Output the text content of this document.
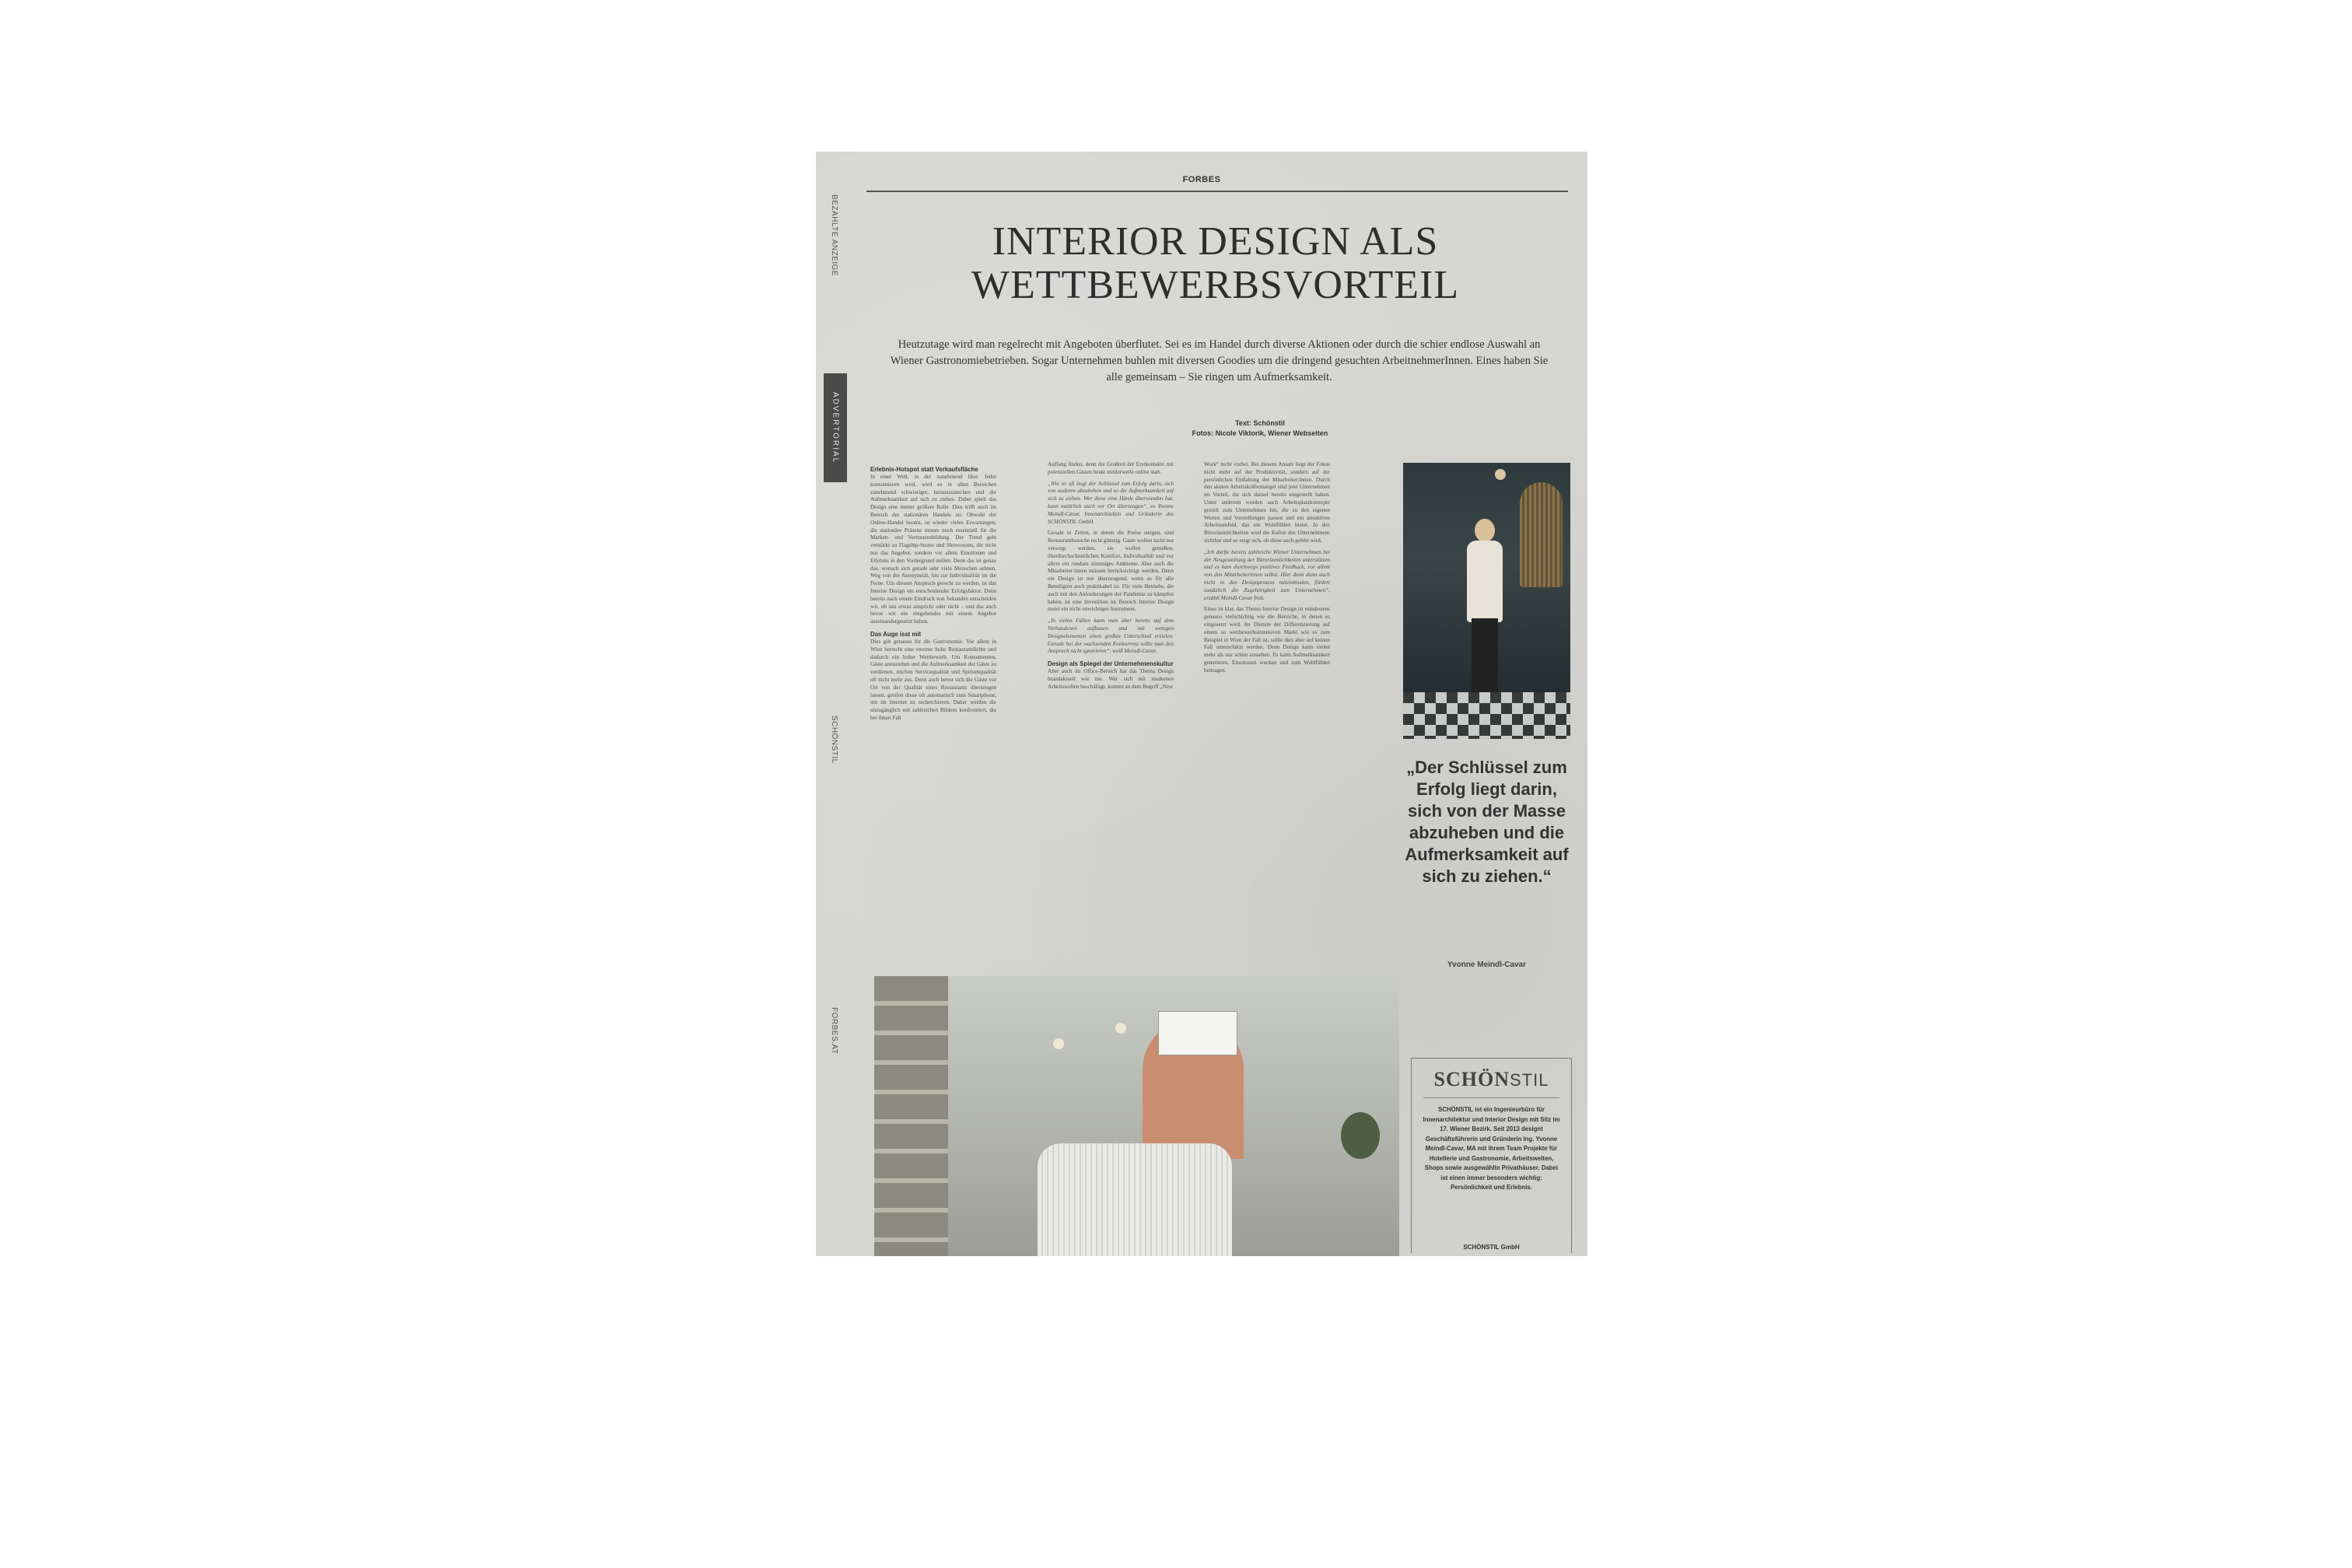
FORBES
BEZAHLTE ANZEIGE
ADVERTORIAL
SCHÖNSTIL
FORBES.AT
INTERIOR DESIGN ALS WETTBEWERBSVORTEIL

Heutzutage wird man regelrecht mit Angeboten überflutet. Sei es im Handel durch diverse Aktionen oder durch die schier endlose Auswahl an Wiener Gastronomiebetrieben. Sogar Unternehmen buhlen mit diversen Goodies um die dringend gesuchten ArbeitnehmerInnen. Eines haben Sie alle gemeinsam – Sie ringen um Aufmerksamkeit.

Text: Schönstil
Fotos: Nicole Viktorik, Wiener Webseiten
Erlebnis-Hotspot statt Verkaufsfläche

In einer Welt, in der zunehmend Hier. Jeder konsumieren wird, wird es in allen Bereichen zunehmend schwieriger, herauszustechen und die Aufmerksamkeit auf sich zu ziehen. Dabei spielt das Design eine immer größere Rolle. Dies trifft auch im Bereich der stationären Handels zu: Obwohl der Online-Handel boomt, ist wieder vieles Erwartungen, die stationäre Präsenz immer noch essenziell für die Marken- und Vertrauensbildung. Der Trend geht verstärkt zu Flagship-Stores und Showrooms, die nicht nur das Angebot, sondern vor allem Emotionen und Erlebnis in den Vordergrund stellen. Denn das ist genau das, wonach sich gerade sehr viele Menschen sehnen. Weg von der Anonymität, hin zur Individualität im die Ferne. Um diesem Anspruch gerecht zu werden, ist das Interior Design ein entscheidender Erfolgsfaktor. Denn bereits nach einem Eindruck von Sekunden entscheiden wir, ob uns etwas anspricht oder nicht – und das auch bevor wir ein eingehendes mit einem Angebot auseinandergesetzt haben.

Das Auge isst mit

Dies gilt genauso für die Gastronomie. Vor allem in Wien herrscht eine enorme hohe Restaurantdichte und dadurch ein hoher Wettbewerb. Um Konsumenten, Gäste anzuziehen und die Aufmerksamkeit der Gäste zu verdienen, reichen Servicequalität und Speisenqualität oft nicht mehr aus. Denn auch bevor sich die Gäste vor Ort von der Qualität eines Restaurants überzeugen lassen, greifen diese oft automatisch zum Smartphone, um im Internet zu recherchieren. Daher werden die unzugänglich mit zahlreichen Bildern konfrontiert, die bei ihnen Fall

Auffang finden, denn die Großteil der Erstkontakte mit potenziellen Gästen heute mittlerweile online statt.

„Wie so oft liegt der Schlüssel zum Erfolg darin, sich von anderen abzuheben und so die Aufmerksamkeit auf sich zu ziehen. Wer diese eine Hürde überwunden hat, kann natürlich auch vor Ort überzeugen“, so Yvonne Meindl-Cavar, Innenarchitektin und Gründerin des SCHÖNSTIL GmbH.

Gerade in Zeiten, in denen die Preise steigen, sind Restaurantbesuche nicht günstig. Gäste wollen nicht nur versorgt werden, sie wollen genießen, überdurchschnittlichen Komfort, Individualität und vor allem ein rundum stimmiges Ambiente. Aber auch die Mitarbeiter:innen müssen berücksichtigt werden. Denn ein Design ist nur überzeugend, wenn es für alle Beteiligten auch praktikabel ist. Für viele Betriebe, die auch mit den Anforderungen der Pandemie zu kämpfen haben, ist eine Investition im Bereich Interior Design meist ein nicht unwichtiges Instrument.

„In vielen Fällen kann man aber bereits auf dem Vorhandenen aufbauen und mit wenigen Designelementen einen großen Unterschied erzielen. Gerade bei der wachsenden Konkurrenz sollte man den Anspruch nicht ignorieren“, weiß Meindl-Cavar.

Design als Spiegel der Unternehmenskultur

Aber auch im Office-Bereich hat das Thema Design brandaktuell wie nie. Wer sich mit modernen Arbeitswelten beschäftigt, kommt an dem Begriff „New

Work“ nicht vorbei. Bei diesem Ansatz liegt der Fokus nicht mehr auf der Produktivität, sondern auf der persönlichen Entfaltung der Mitarbeiter:innen. Durch den akuten Arbeitskräftemangel sind jene Unternehmen im Vorteil, die sich darauf bereits eingestellt haben. Unter anderem wurden auch Arbeitsplatzkonzepte gezielt zum Unternehmen hin, die zu den eigenen Werten und Vorstellungen passen und ein attraktives Arbeitsumfeld, das ein Wohlfühlen bietet. In den Büroräumlichkeiten wird die Kultur des Unternehmens sichtbar und so zeigt sich, ob diese auch gelebt wird.

„Ich durfte bereits zahlreiche Wiener Unternehmen bei der Neugestaltung der Büroräumlichkeiten unterstützen und es kam durchwegs positives Feedback, vor allem von den Mitarbeiterinnen selbst. Hier denn dann auch nicht in den Designprozess miteinbinden, fördert zusätzlich die Zugehörigkeit zum Unternehmen“, erzählt Meindl-Cavar froh.

Eines ist klar, das Thema Interior Design ist mindestens genauso vielschichtig wie die Bereiche, in denen es eingesetzt wird. Im Dienste der Differenzierung auf einem so wettbewerbsintensiven Markt wie es zum Beispiel in Wien der Fall ist, sollte dies aber auf keinen Fall unterschätzt werden. Denn Design kann vielen mehr als nur schön aussehen. Es kann Aufmerksamkeit generieren, Emotionen wecken und zum Wohlfühlen beitragen.

„Der Schlüssel zum Erfolg liegt darin, sich von der Masse abzuheben und die Aufmerksamkeit auf sich zu ziehen.“

Yvonne Meindl-Cavar
SCHÖNSTIL

SCHÖNSTIL ist ein Ingenieurbüro für Innenarchitektur und Interior Design mit Sitz im 17. Wiener Bezirk. Seit 2013 designt Geschäftsführerin und Gründerin Ing. Yvonne Meindl-Cavar, MA mit ihrem Team Projekte für Hotellerie und Gastronomie, Arbeitswelten, Shops sowie ausgewählte Privathäuser. Dabei ist einen immer besonders wichtig: Persönlichkeit und Erlebnis.

SCHÖNSTIL GmbH
